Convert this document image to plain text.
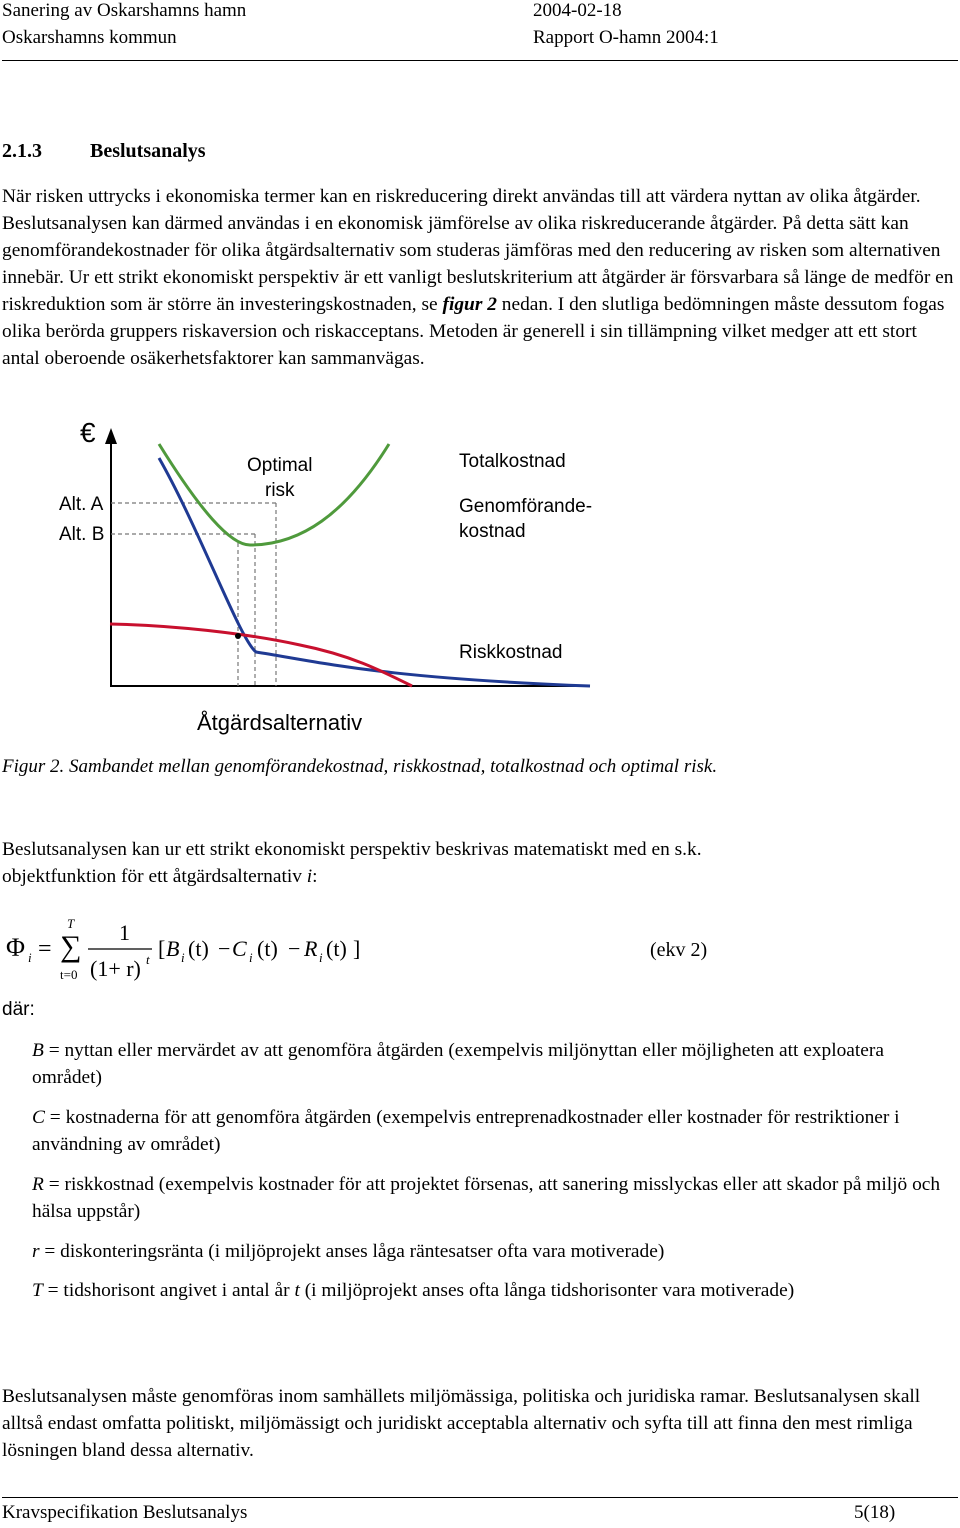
Sanering av Oskarshamns hamn
Oskarshamns kommun
2004-02-18
Rapport O-hamn 2004:1
2.1.3 Beslutsanalys

När risken uttrycks i ekonomiska termer kan en riskreducering direkt användas till att värdera nyttan av olika åtgärder. Beslutsanalysen kan därmed användas i en ekonomisk jämförelse av olika riskreducerande åtgärder. På detta sätt kan genomförandekostnader för olika åtgärdsalternativ som studeras jämföras med den reducering av risken som alternativen innebär. Ur ett strikt ekonomiskt perspektiv är ett vanligt beslutskriterium att åtgärder är försvarbara så länge de medför en riskreduktion som är större än investeringskostnaden, se figur 2 nedan. I den slutliga bedömningen måste dessutom fogas olika berörda gruppers riskaversion och riskacceptans. Metoden är generell i sin tillämpning vilket medger att ett stort antal oberoende osäkerhetsfaktorer kan sammanvägas.

€
Alt. A
Alt. B
Optimal
risk
Totalkostnad
Genomförande-
kostnad
Riskkostnad
Åtgärdsalternativ
Figur 2. Sambandet mellan genomförandekostnad, riskkostnad, totalkostnad och optimal risk.

Beslutsanalysen kan ur ett strikt ekonomiskt perspektiv beskrivas matematiskt med en s.k.
objektfunktion för ett åtgärdsalternativ i:

Φ i =
T
∑
t=0
1
(1+ r) t [ B i (t) − C i (t) − R i (t) ]	(ekv 2)
där:

B = nyttan eller mervärdet av att genomföra åtgärden (exempelvis miljönyttan eller möjligheten att exploatera området)

C = kostnaderna för att genomföra åtgärden (exempelvis entreprenadkostnader eller kostnader för restriktioner i användning av området)

R = riskkostnad (exempelvis kostnader för att projektet försenas, att sanering misslyckas eller att skador på miljö och hälsa uppstår)

r = diskonteringsränta (i miljöprojekt anses låga räntesatser ofta vara motiverade)

T = tidshorisont angivet i antal år t (i miljöprojekt anses ofta långa tidshorisonter vara motiverade)

Beslutsanalysen måste genomföras inom samhällets miljömässiga, politiska och juridiska ramar. Beslutsanalysen skall alltså endast omfatta politiskt, miljömässigt och juridiskt acceptabla alternativ och syfta till att finna den mest rimliga lösningen bland dessa alternativ.

Kravspecifikation Beslutsanalys	5(18)
